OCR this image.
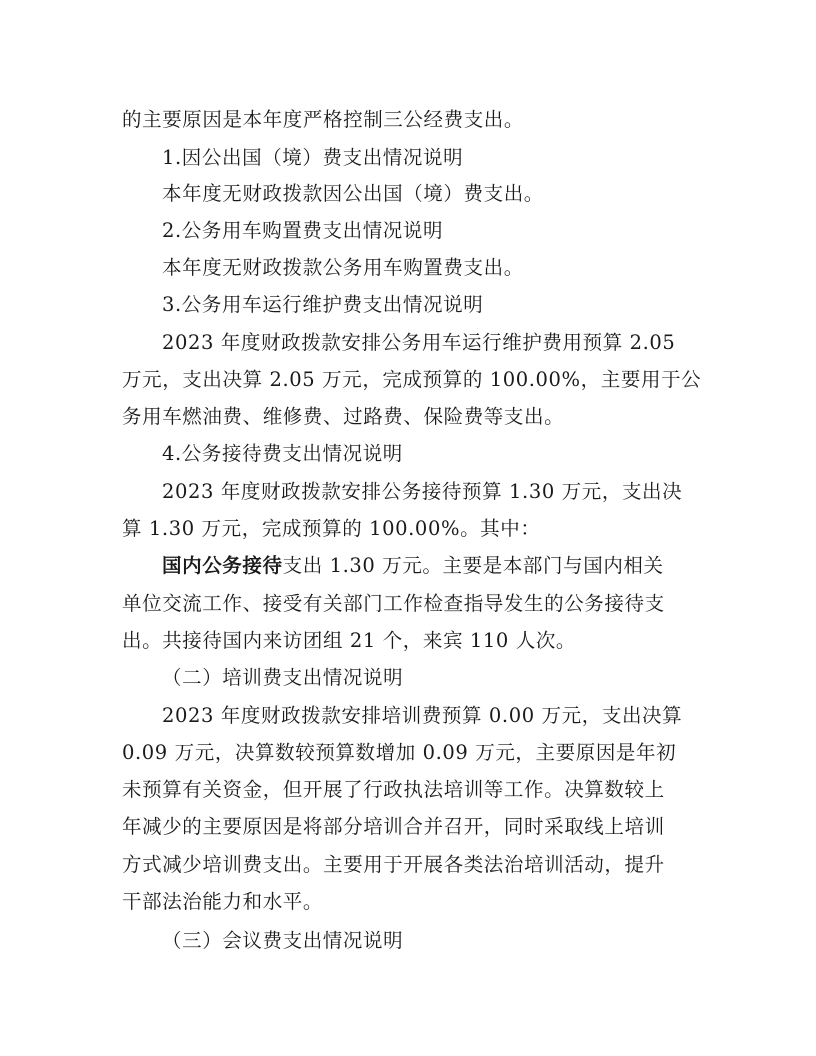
的主要原因是本年度严格控制三公经费支出。
1.因公出国（境）费支出情况说明
本年度无财政拨款因公出国（境）费支出。
2.公务用车购置费支出情况说明
本年度无财政拨款公务用车购置费支出。
3.公务用车运行维护费支出情况说明
2023 年度财政拨款安排公务用车运行维护费用预算 2.05
万元，支出决算 2.05 万元，完成预算的 100.00%，主要用于公
务用车燃油费、维修费、过路费、保险费等支出。
4.公务接待费支出情况说明
2023 年度财政拨款安排公务接待预算 1.30 万元，支出决
算 1.30 万元，完成预算的 100.00%。其中：
国内公务接待支出 1.30 万元。主要是本部门与国内相关
单位交流工作、接受有关部门工作检查指导发生的公务接待支
出。共接待国内来访团组 21 个，来宾 110 人次。
（二）培训费支出情况说明
2023 年度财政拨款安排培训费预算 0.00 万元，支出决算
0.09 万元，决算数较预算数增加 0.09 万元，主要原因是年初
未预算有关资金，但开展了行政执法培训等工作。决算数较上
年减少的主要原因是将部分培训合并召开，同时采取线上培训
方式减少培训费支出。主要用于开展各类法治培训活动，提升
干部法治能力和水平。
（三）会议费支出情况说明
